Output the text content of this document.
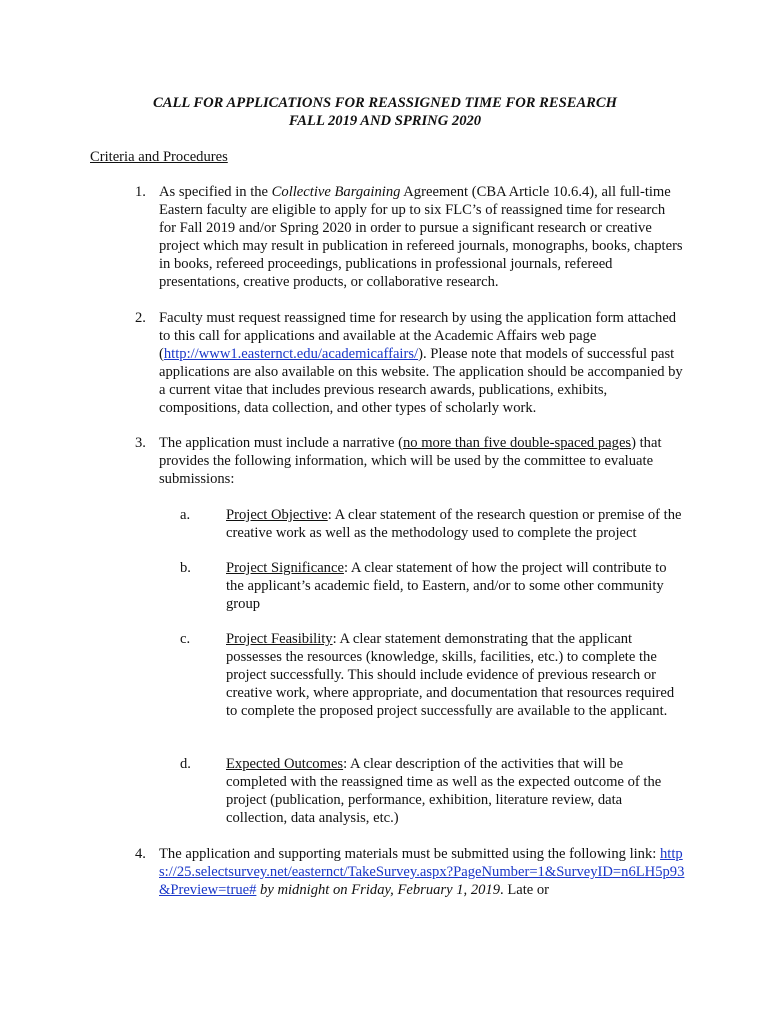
CALL FOR APPLICATIONS FOR REASSIGNED TIME FOR RESEARCH
FALL 2019 AND SPRING 2020
Criteria and Procedures
1. As specified in the Collective Bargaining Agreement (CBA Article 10.6.4), all full-time Eastern faculty are eligible to apply for up to six FLC’s of reassigned time for research for Fall 2019 and/or Spring 2020 in order to pursue a significant research or creative project which may result in publication in refereed journals, monographs, books, chapters in books, refereed proceedings, publications in professional journals, refereed presentations, creative products, or collaborative research.
2. Faculty must request reassigned time for research by using the application form attached to this call for applications and available at the Academic Affairs web page (http://www1.easternct.edu/academicaffairs/). Please note that models of successful past applications are also available on this website. The application should be accompanied by a current vitae that includes previous research awards, publications, exhibits, compositions, data collection, and other types of scholarly work.
3. The application must include a narrative (no more than five double-spaced pages) that provides the following information, which will be used by the committee to evaluate submissions:
a. Project Objective: A clear statement of the research question or premise of the creative work as well as the methodology used to complete the project
b. Project Significance: A clear statement of how the project will contribute to the applicant’s academic field, to Eastern, and/or to some other community group
c. Project Feasibility: A clear statement demonstrating that the applicant possesses the resources (knowledge, skills, facilities, etc.) to complete the project successfully. This should include evidence of previous research or creative work, where appropriate, and documentation that resources required to complete the proposed project successfully are available to the applicant.
d. Expected Outcomes: A clear description of the activities that will be completed with the reassigned time as well as the expected outcome of the project (publication, performance, exhibition, literature review, data collection, data analysis, etc.)
4. The application and supporting materials must be submitted using the following link: https://25.selectsurvey.net/easternct/TakeSurvey.aspx?PageNumber=1&SurveyID=n6LH5p93&Preview=true# by midnight on Friday, February 1, 2019. Late or
